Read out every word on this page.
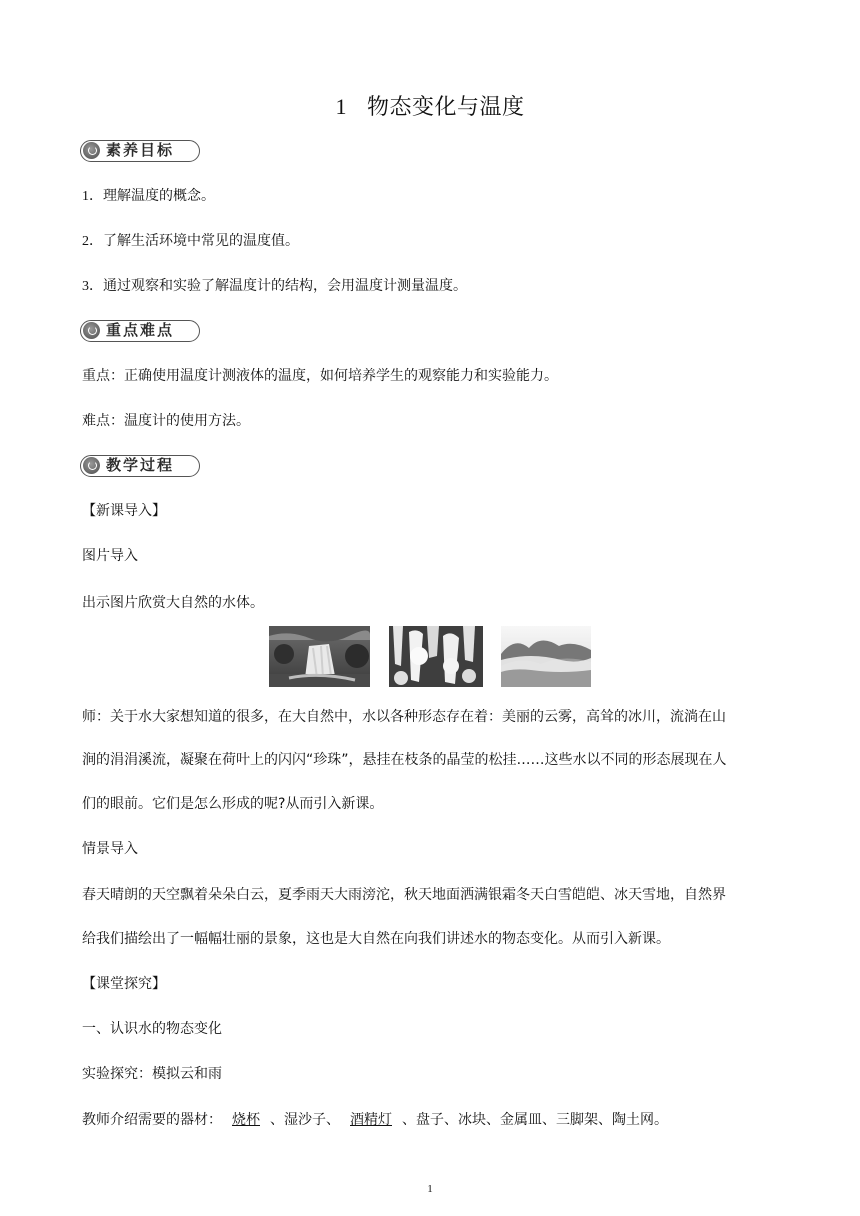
1 物态变化与温度
素养目标
1．理解温度的概念。
2．了解生活环境中常见的温度值。
3．通过观察和实验了解温度计的结构，会用温度计测量温度。
重点难点
重点：正确使用温度计测液体的温度，如何培养学生的观察能力和实验能力。
难点：温度计的使用方法。
教学过程
【新课导入】
图片导入
出示图片欣赏大自然的水体。
师：关于水大家想知道的很多，在大自然中，水以各种形态存在着：美丽的云雾，高耸的冰川，流淌在山
涧的涓涓溪流，凝聚在荷叶上的闪闪“珍珠”，悬挂在枝条的晶莹的松挂……这些水以不同的形态展现在人
们的眼前。它们是怎么形成的呢?从而引入新课。
情景导入
春天晴朗的天空飘着朵朵白云，夏季雨天大雨滂沱，秋天地面洒满银霜冬天白雪皑皑、冰天雪地，自然界
给我们描绘出了一幅幅壮丽的景象，这也是大自然在向我们讲述水的物态变化。从而引入新课。
【课堂探究】
一、认识水的物态变化
实验探究：模拟云和雨
教师介绍需要的器材： 烧杯 、湿沙子、 酒精灯 、盘子、冰块、金属皿、三脚架、陶土网。
1
